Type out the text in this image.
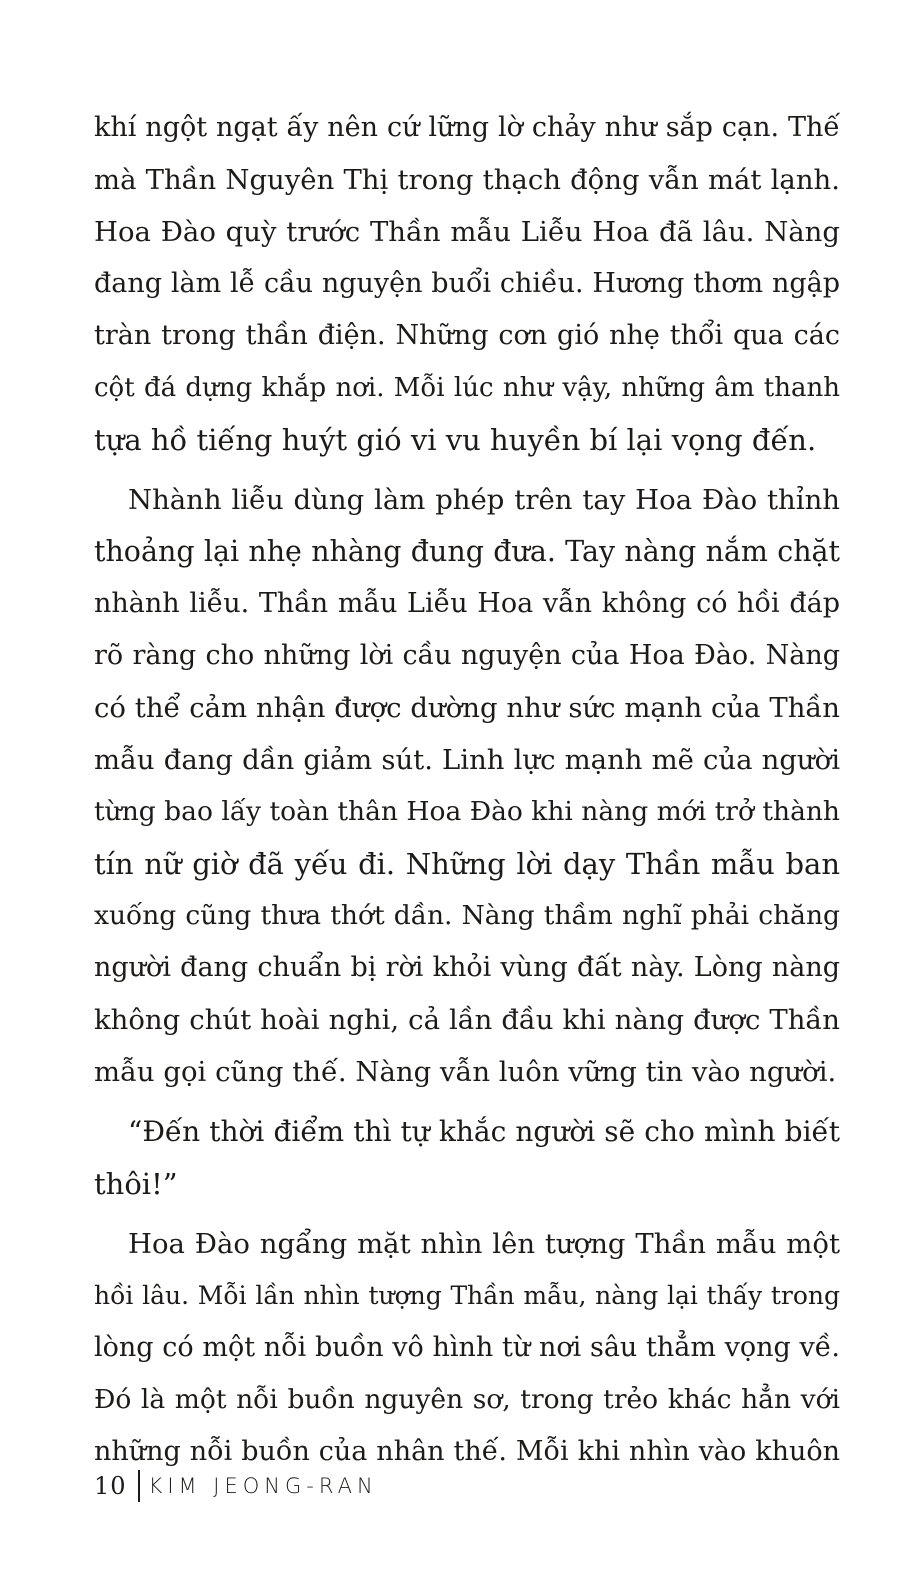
khí ngột ngạt ấy nên cứ lững lờ chảy như sắp cạn. Thế
mà Thần Nguyên Thị trong thạch động vẫn mát lạnh.
Hoa Đào quỳ trước Thần mẫu Liễu Hoa đã lâu. Nàng
đang làm lễ cầu nguyện buổi chiều. Hương thơm ngập
tràn trong thần điện. Những cơn gió nhẹ thổi qua các
cột đá dựng khắp nơi. Mỗi lúc như vậy, những âm thanh
tựa hồ tiếng huýt gió vi vu huyền bí lại vọng đến.
Nhành liễu dùng làm phép trên tay Hoa Đào thỉnh
thoảng lại nhẹ nhàng đung đưa. Tay nàng nắm chặt
nhành liễu. Thần mẫu Liễu Hoa vẫn không có hồi đáp
rõ ràng cho những lời cầu nguyện của Hoa Đào. Nàng
có thể cảm nhận được dường như sức mạnh của Thần
mẫu đang dần giảm sút. Linh lực mạnh mẽ của người
từng bao lấy toàn thân Hoa Đào khi nàng mới trở thành
tín nữ giờ đã yếu đi. Những lời dạy Thần mẫu ban
xuống cũng thưa thớt dần. Nàng thầm nghĩ phải chăng
người đang chuẩn bị rời khỏi vùng đất này. Lòng nàng
không chút hoài nghi, cả lần đầu khi nàng được Thần
mẫu gọi cũng thế. Nàng vẫn luôn vững tin vào người.
“Đến thời điểm thì tự khắc người sẽ cho mình biết
thôi!”
Hoa Đào ngẩng mặt nhìn lên tượng Thần mẫu một
hồi lâu. Mỗi lần nhìn tượng Thần mẫu, nàng lại thấy trong
lòng có một nỗi buồn vô hình từ nơi sâu thẳm vọng về.
Đó là một nỗi buồn nguyên sơ, trong trẻo khác hẳn với
những nỗi buồn của nhân thế. Mỗi khi nhìn vào khuôn
10 KIM JEONG-RAN
